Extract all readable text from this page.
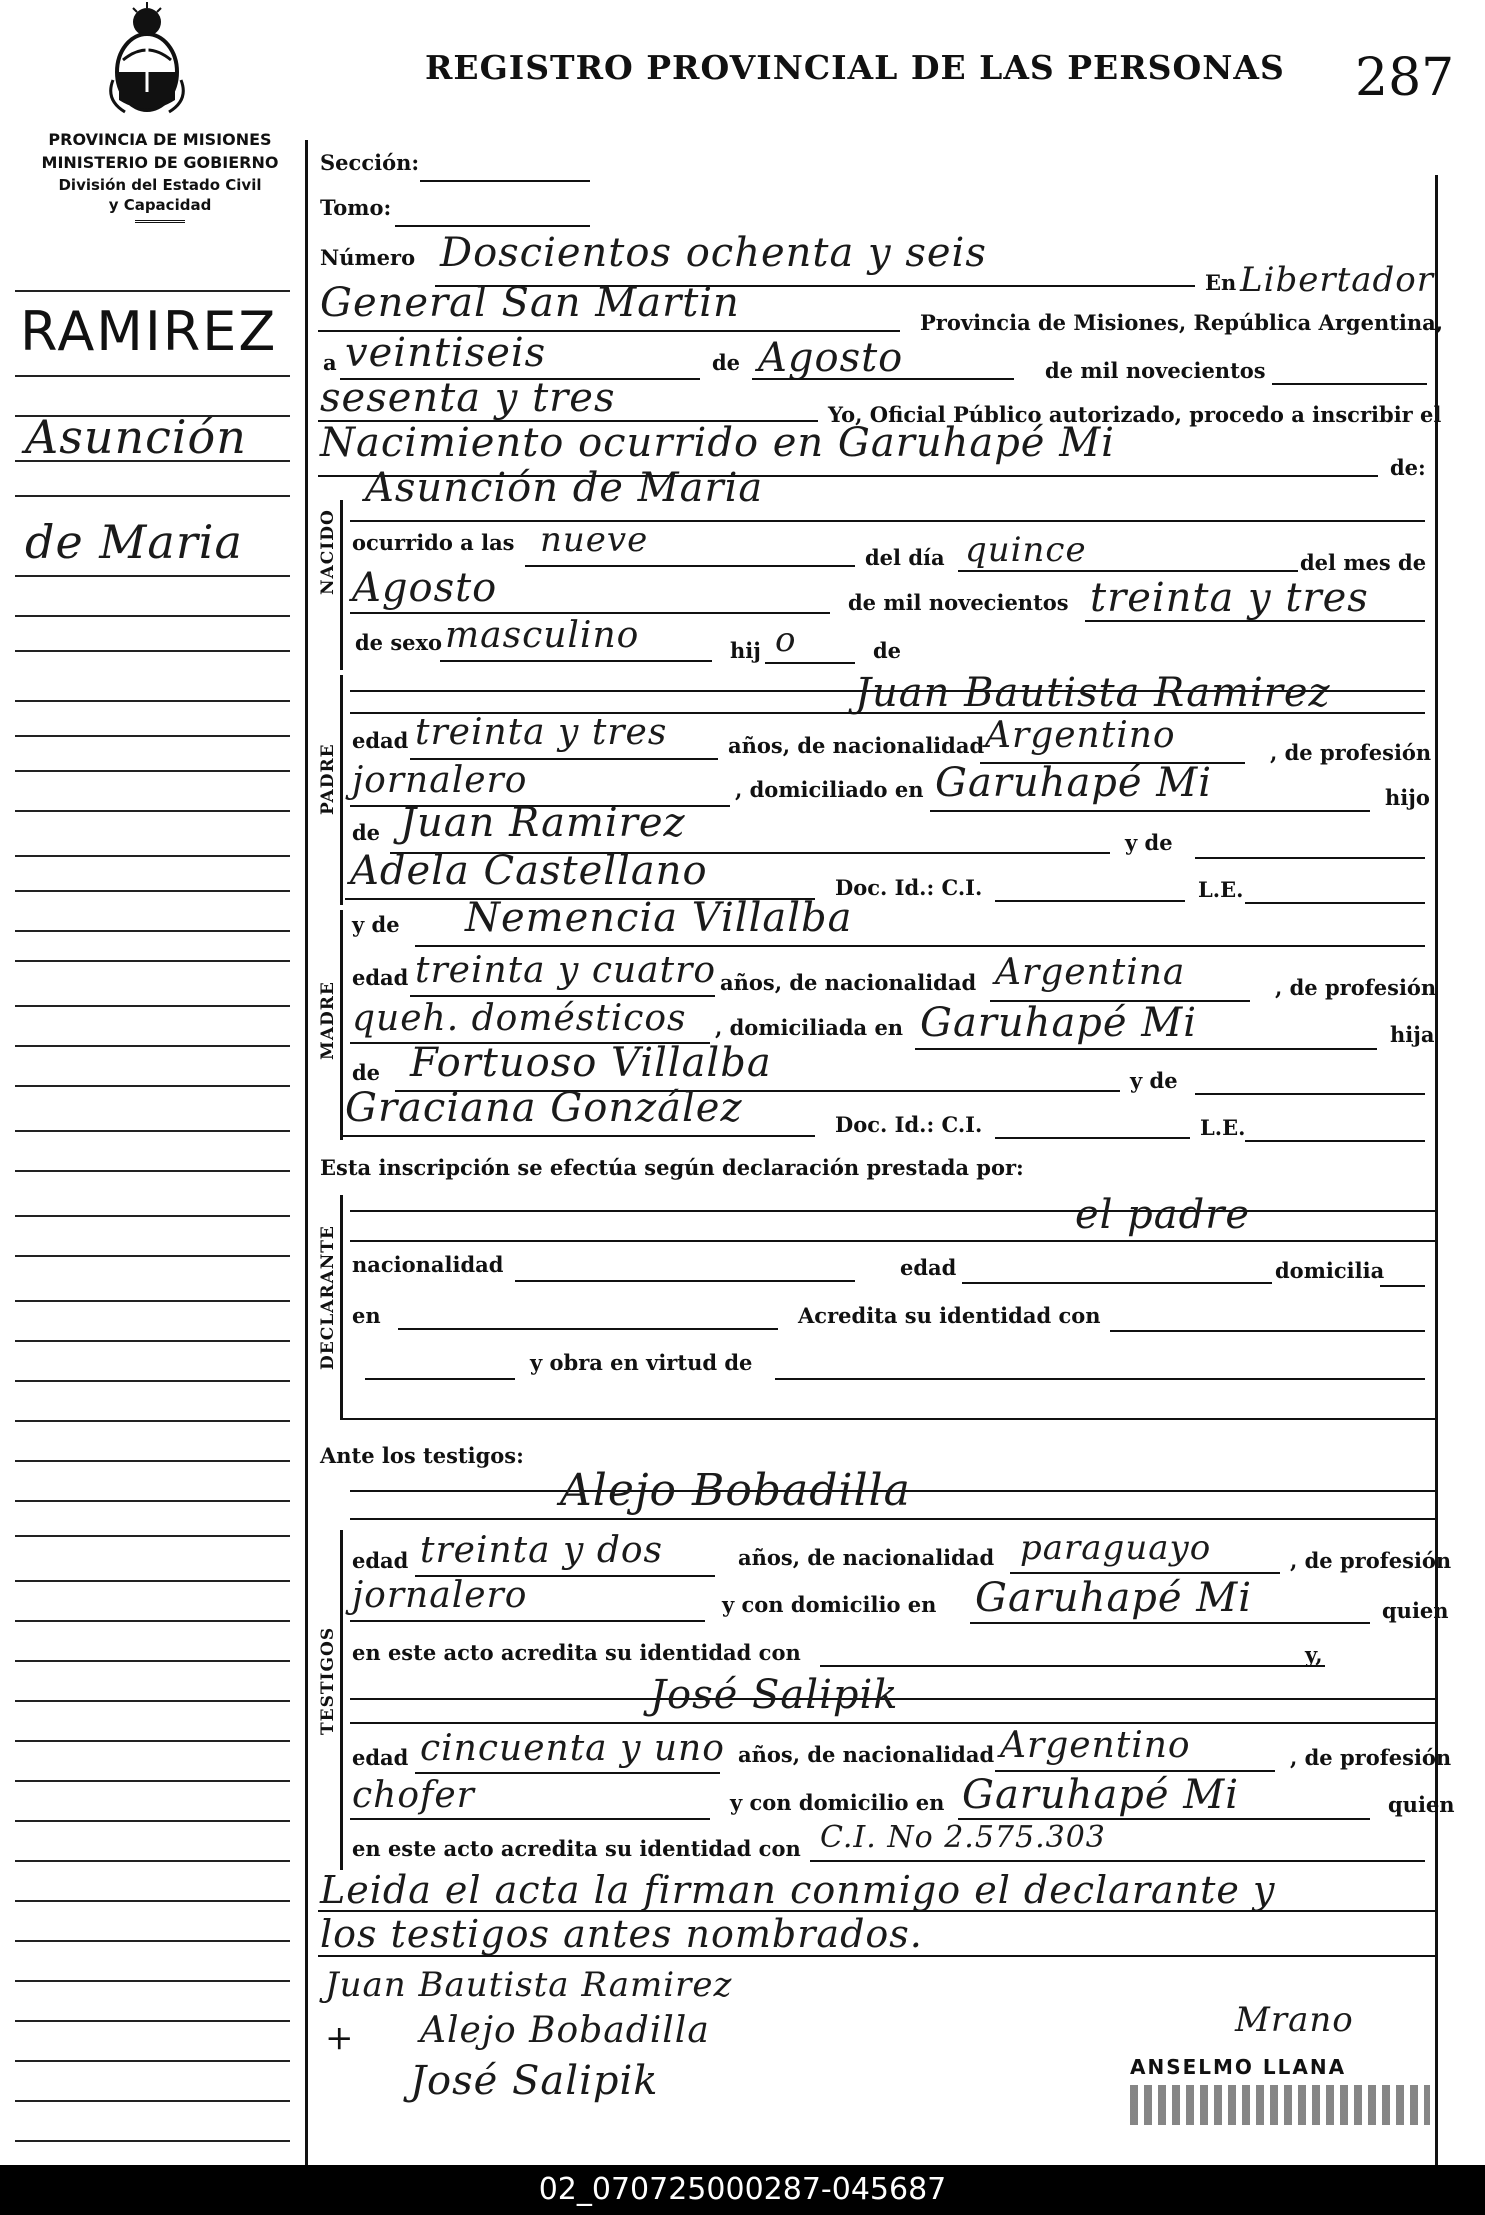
PROVINCIA DE MISIONES
MINISTERIO DE GOBIERNO
División del Estado Civil
y Capacidad
REGISTRO PROVINCIAL DE LAS PERSONAS 287
RAMIREZ
Asunción
de Maria
Sección:
Tomo:
Número Doscientos ochenta y seis
En Libertador
General San Martin	Provincia de Misiones, República Argentina,
a veintiseis	de Agosto	de mil novecientos
sesenta y tres	Yo, Oficial Público autorizado, procedo a inscribir el
Nacimiento ocurrido en Garuhapé Mi
de:
NACIDO
Asunción de Maria
ocurrido a las nueve	del día quince	del mes de
Agosto	de mil novecientos treinta y tres
de sexo masculino	hij o	de
PADRE
Juan Bautista Ramirez
edad treinta y tres	años, de nacionalidad Argentino	, de profesión
jornalero	, domiciliado en Garuhapé Mi	hijo
de Juan Ramirez	y de
Adela Castellano	Doc. Id.: C.I.	L.E.
MADRE
y de Nemencia Villalba
edad treinta y cuatro años, de nacionalidad Argentina	, de profesión
queh. domésticos , domiciliada en Garuhapé Mi	hija
de Fortuoso Villalba	y de
Graciana González	Doc. Id.: C.I.	L.E.
Esta inscripción se efectúa según declaración prestada por:
DECLARANTE
el padre
nacionalidad	edad	domicilia
en	Acredita su identidad con
y obra en virtud de
Ante los testigos:
TESTIGOS
Alejo Bobadilla
edad treinta y dos	años, de nacionalidad paraguayo	, de profesión
jornalero	y con domicilio en Garuhapé Mi	quien
en este acto acredita su identidad con	y,
José Salipik
edad cincuenta y uno años, de nacionalidad Argentino	, de profesión
chofer	y con domicilio en Garuhapé Mi	quien
en este acto acredita su identidad con C.I. No 2.575.303
Leida el acta la firman conmigo el declarante y
los testigos antes nombrados.
Juan Bautista Ramirez
+ Alejo Bobadilla
José Salipik
Mrano
ANSELMO LLANA
02_070725000287-045687
